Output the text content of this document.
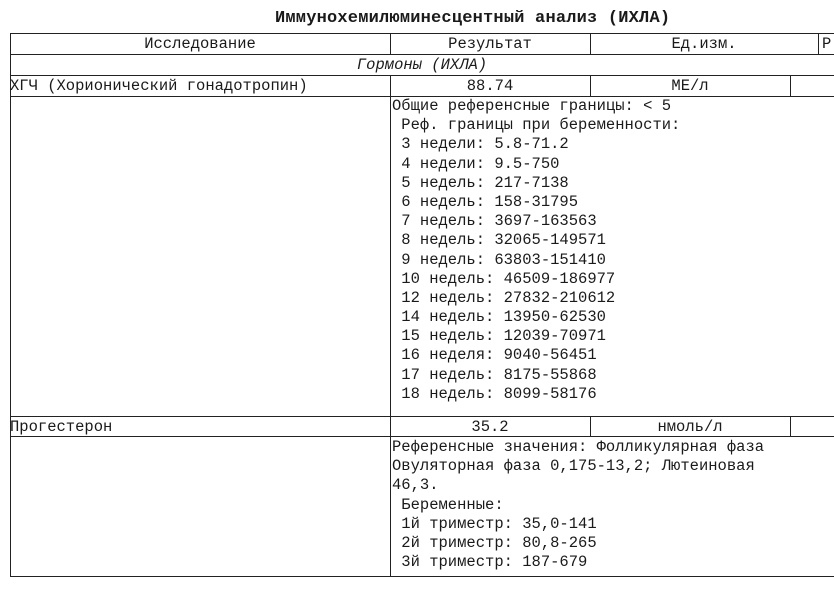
Иммунохемилюминесцентный анализ (ИХЛА)
Исследование	Результат	Ед.изм.	Р
Гормоны (ИХЛА)
ХГЧ (Хорионический гонадотропин)	88.74	МЕ/л
Общие референсные границы: < 5
Реф. границы при беременности:
3 недели: 5.8-71.2
4 недели: 9.5-750
5 недель: 217-7138
6 недель: 158-31795
7 недель: 3697-163563
8 недель: 32065-149571
9 недель: 63803-151410
10 недель: 46509-186977
12 недель: 27832-210612
14 недель: 13950-62530
15 недель: 12039-70971
16 неделя: 9040-56451
17 недель: 8175-55868
18 недель: 8099-58176
Прогестерон	35.2	нмоль/л
Референсные значения: Фолликулярная фаза
Овуляторная фаза 0,175-13,2; Лютеиновая
46,3.
Беременные:
1й триместр: 35,0-141
2й триместр: 80,8-265
3й триместр: 187-679
